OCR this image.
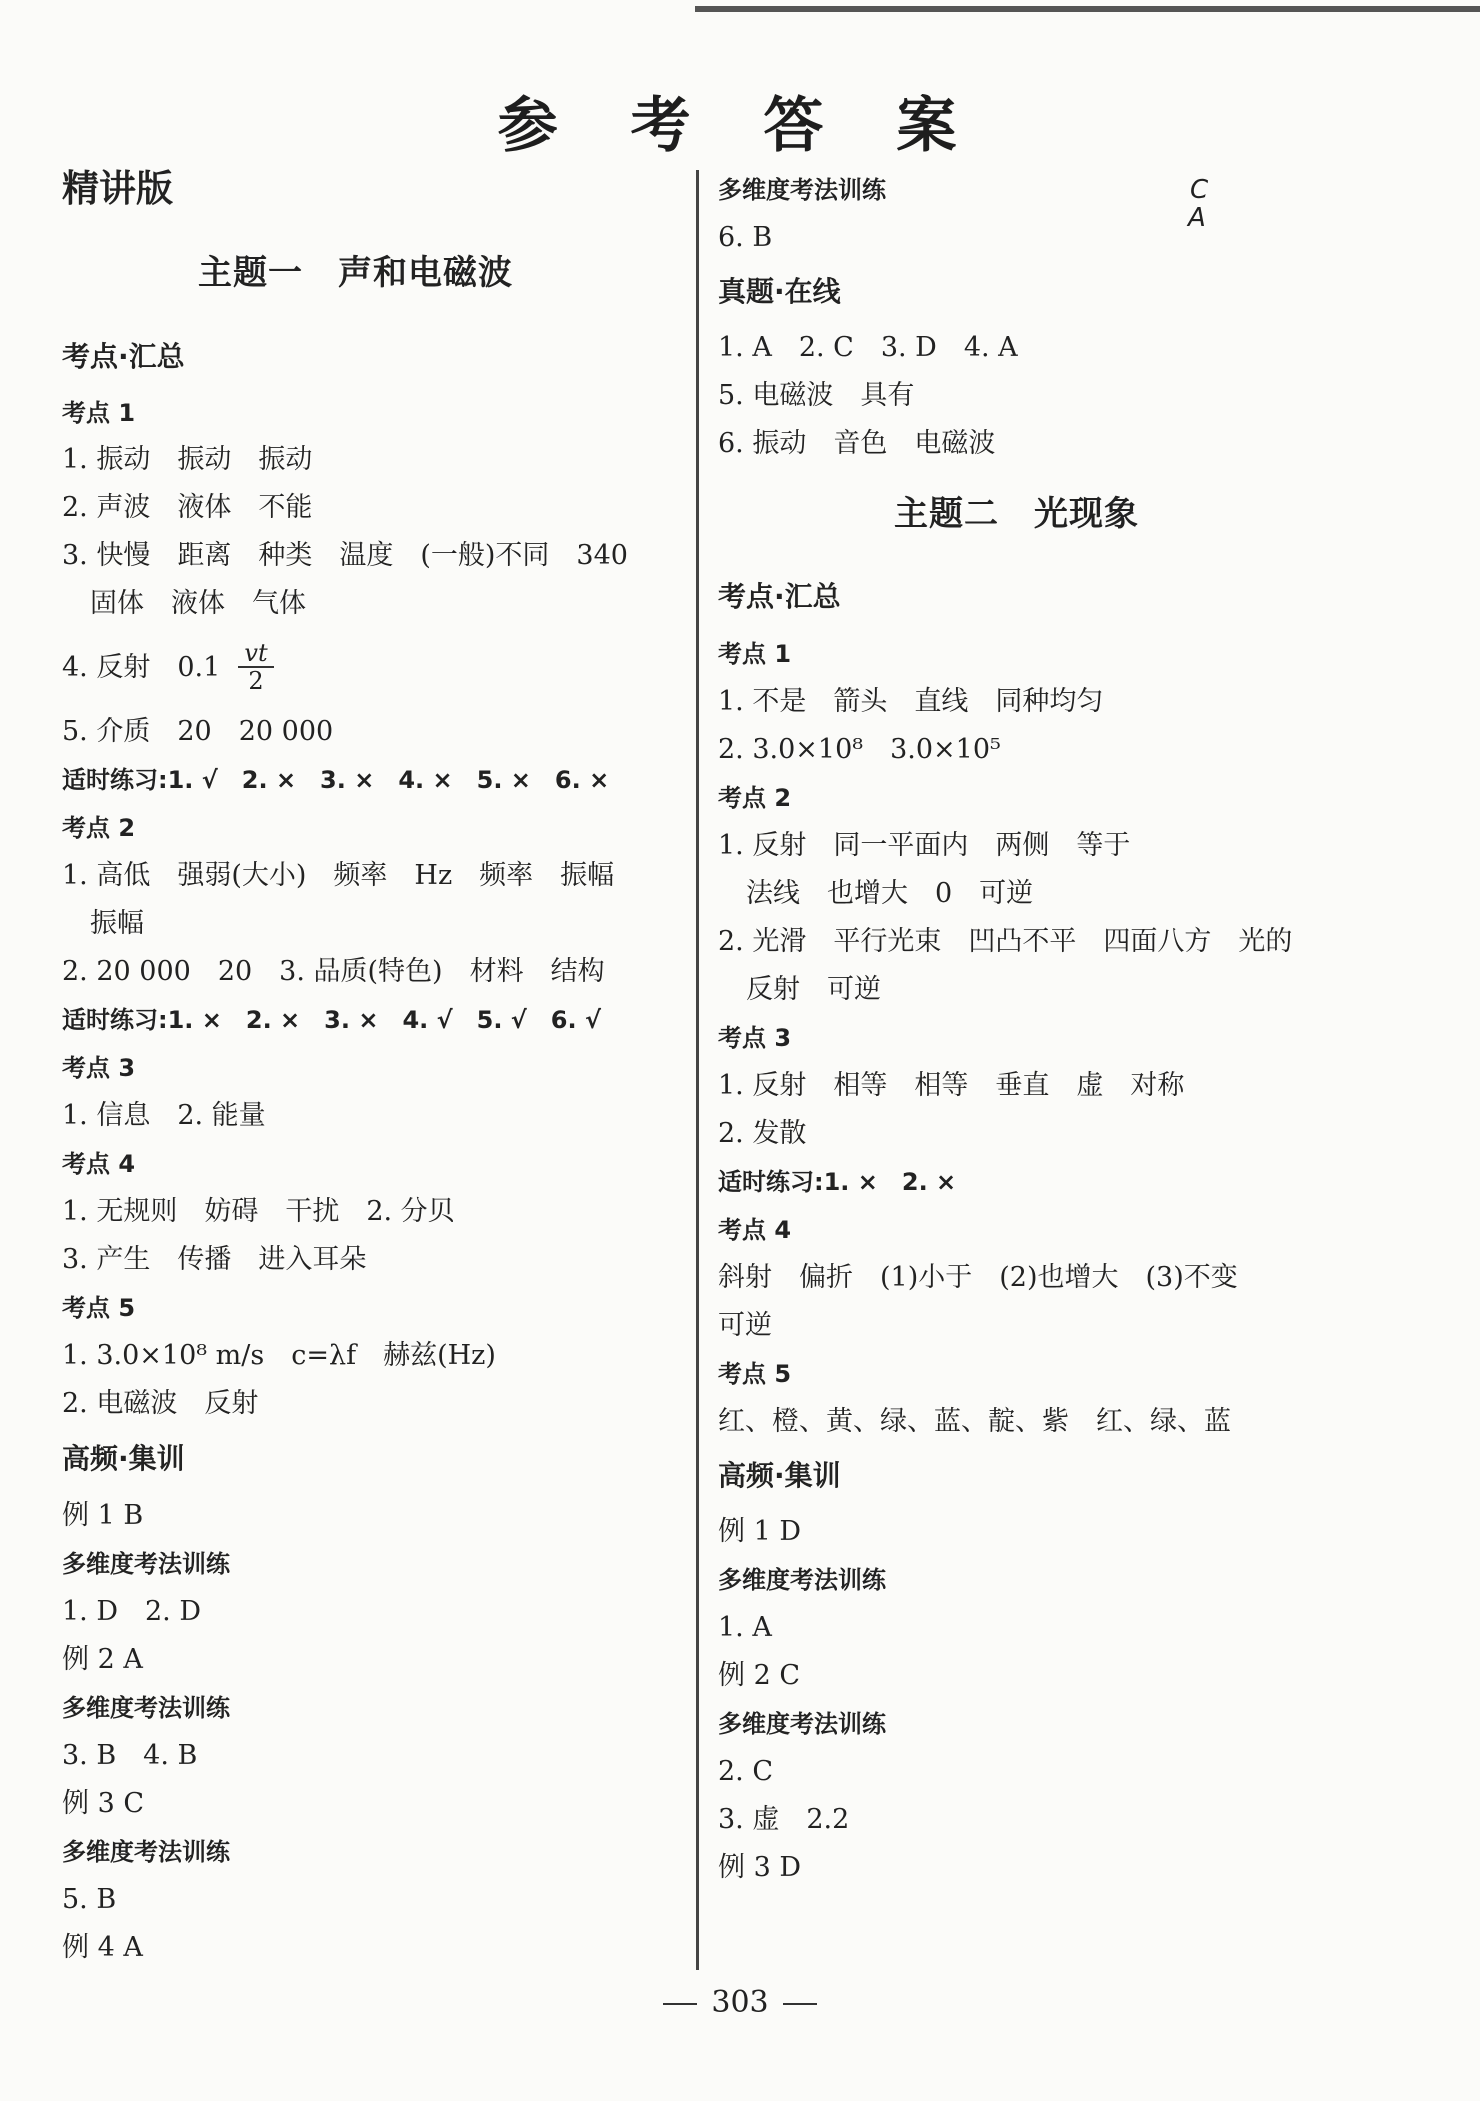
参 考 答 案
精讲版
主题一　声和电磁波
考点·汇总
考点 1
1. 振动　振动　振动
2. 声波　液体　不能
3. 快慢　距离　种类　温度　(一般)不同　340
固体　液体　气体
4. 反射　$0.1 \frac{vt}{2}$
5. 介质　20　20 000
适时练习:1. √　2. ×　3. ×　4. ×　5. ×　6. ×
考点 2
1. 高低　强弱(大小)　频率　Hz　频率　振幅
振幅
2. 20 000　20　3. 品质(特色)　材料　结构
适时练习:1. ×　2. ×　3. ×　4. √　5. √　6. √
考点 3
1. 信息　2. 能量
考点 4
1. 无规则　妨碍　干扰　2. 分贝
3. 产生　传播　进入耳朵
考点 5
1. 3.0×10⁸ m/s　c=λf　赫兹(Hz)
2. 电磁波　反射
高频·集训
例 1 B
多维度考法训练
1. D　2. D
例 2 A
多维度考法训练
3. B　4. B
例 3 C
多维度考法训练
5. B
例 4 A
多维度考法训练	C
A
6. B
真题·在线
1. A　2. C　3. D　4. A
5. 电磁波　具有
6. 振动　音色　电磁波
主题二　光现象
考点·汇总
考点 1
1. 不是　箭头　直线　同种均匀
2. 3.0×10⁸　3.0×10⁵
考点 2
1. 反射　同一平面内　两侧　等于
法线　也增大　0　可逆
2. 光滑　平行光束　凹凸不平　四面八方　光的
反射　可逆
考点 3
1. 反射　相等　相等　垂直　虚　对称
2. 发散
适时练习:1. ×　2. ×
考点 4
斜射　偏折　(1)小于　(2)也增大　(3)不变
可逆
考点 5
红、橙、黄、绿、蓝、靛、紫　红、绿、蓝
高频·集训
例 1 D
多维度考法训练
1. A
例 2 C
多维度考法训练
2. C
3. 虚　2.2
例 3 D
303
